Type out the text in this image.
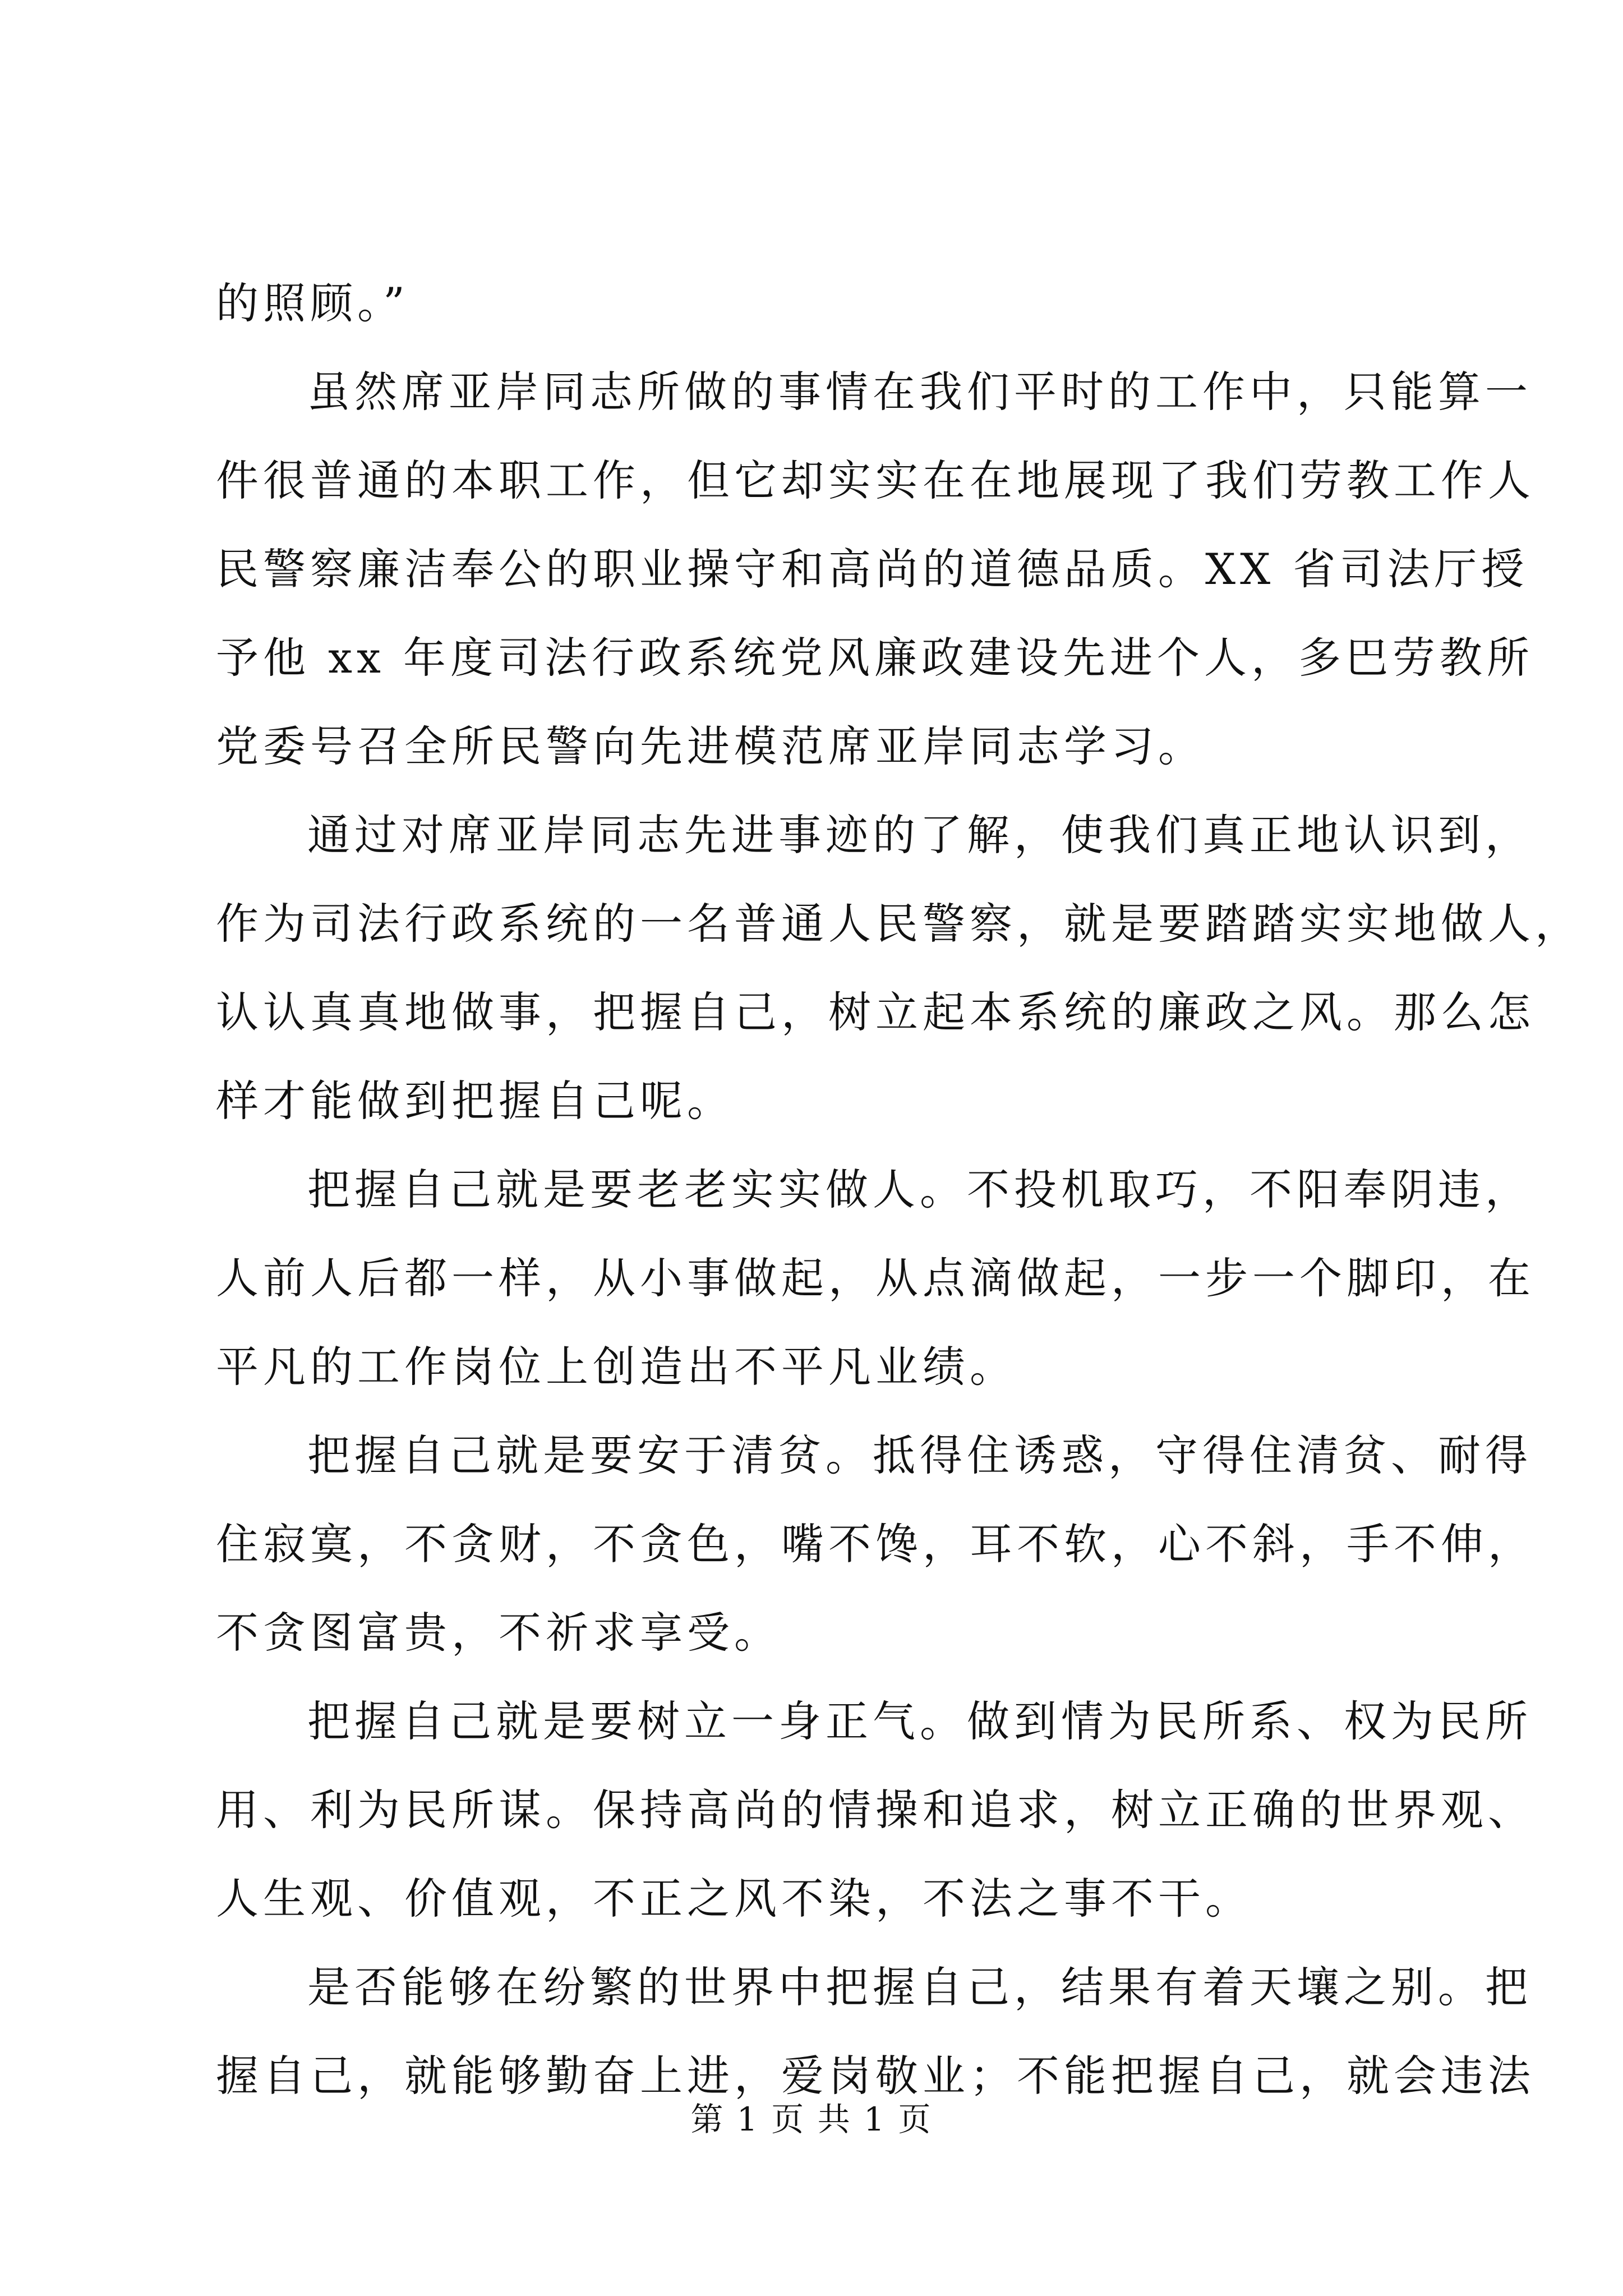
的照顾。”
虽然席亚岸同志所做的事情在我们平时的工作中，只能算一
件很普通的本职工作，但它却实实在在地展现了我们劳教工作人
民警察廉洁奉公的职业操守和高尚的道德品质。XX 省司法厅授
予他 xx 年度司法行政系统党风廉政建设先进个人，多巴劳教所
党委号召全所民警向先进模范席亚岸同志学习。
通过对席亚岸同志先进事迹的了解，使我们真正地认识到，
作为司法行政系统的一名普通人民警察，就是要踏踏实实地做人，
认认真真地做事，把握自己，树立起本系统的廉政之风。那么怎
样才能做到把握自己呢。
把握自己就是要老老实实做人。不投机取巧，不阳奉阴违，
人前人后都一样，从小事做起，从点滴做起，一步一个脚印，在
平凡的工作岗位上创造出不平凡业绩。
把握自己就是要安于清贫。抵得住诱惑，守得住清贫、耐得
住寂寞，不贪财，不贪色，嘴不馋，耳不软，心不斜，手不伸，
不贪图富贵，不祈求享受。
把握自己就是要树立一身正气。做到情为民所系、权为民所
用、利为民所谋。保持高尚的情操和追求，树立正确的世界观、
人生观、价值观，不正之风不染，不法之事不干。
是否能够在纷繁的世界中把握自己，结果有着天壤之别。把
握自己，就能够勤奋上进，爱岗敬业；不能把握自己，就会违法
第 1 页 共 1 页
